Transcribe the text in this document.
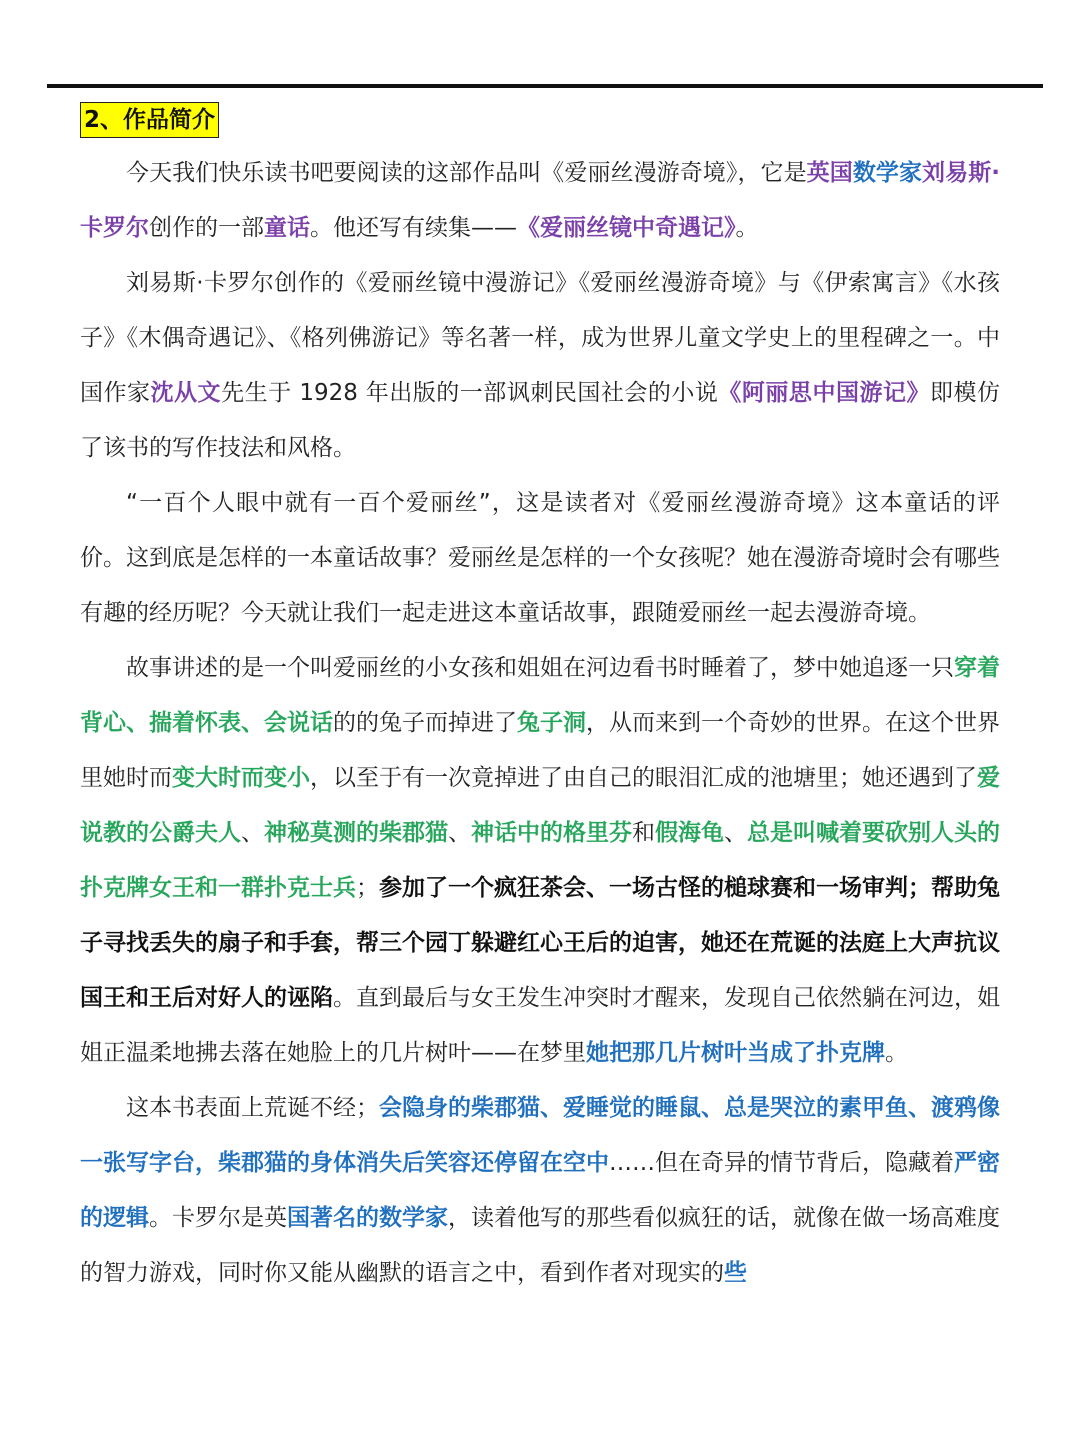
2、作品简介

今天我们快乐读书吧要阅读的这部作品叫《爱丽丝漫游奇境》，它是英国数学家刘易斯·卡罗尔创作的一部童话。他还写有续集——《爱丽丝镜中奇遇记》。

刘易斯·卡罗尔创作的《爱丽丝镜中漫游记》《爱丽丝漫游奇境》与《伊索寓言》《水孩子》《木偶奇遇记》、《格列佛游记》等名著一样，成为世界儿童文学史上的里程碑之一。中国作家沈从文先生于 1928 年出版的一部讽刺民国社会的小说《阿丽思中国游记》即模仿了该书的写作技法和风格。

“一百个人眼中就有一百个爱丽丝”，这是读者对《爱丽丝漫游奇境》这本童话的评价。这到底是怎样的一本童话故事？爱丽丝是怎样的一个女孩呢？她在漫游奇境时会有哪些有趣的经历呢？今天就让我们一起走进这本童话故事，跟随爱丽丝一起去漫游奇境。

故事讲述的是一个叫爱丽丝的小女孩和姐姐在河边看书时睡着了，梦中她追逐一只穿着背心、揣着怀表、会说话的的兔子而掉进了兔子洞，从而来到一个奇妙的世界。在这个世界里她时而变大时而变小，以至于有一次竟掉进了由自己的眼泪汇成的池塘里；她还遇到了爱说教的公爵夫人、神秘莫测的柴郡猫、神话中的格里芬和假海龟、总是叫喊着要砍别人头的扑克牌女王和一群扑克士兵；参加了一个疯狂茶会、一场古怪的槌球赛和一场审判；帮助兔子寻找丢失的扇子和手套，帮三个园丁躲避红心王后的迫害，她还在荒诞的法庭上大声抗议国王和王后对好人的诬陷。直到最后与女王发生冲突时才醒来，发现自己依然躺在河边，姐姐正温柔地拂去落在她脸上的几片树叶——在梦里她把那几片树叶当成了扑克牌。

这本书表面上荒诞不经；会隐身的柴郡猫、爱睡觉的睡鼠、总是哭泣的素甲鱼、渡鸦像一张写字台，柴郡猫的身体消失后笑容还停留在空中……但在奇异的情节背后，隐藏着严密的逻辑。卡罗尔是英国著名的数学家，读着他写的那些看似疯狂的话，就像在做一场高难度的智力游戏，同时你又能从幽默的语言之中，看到作者对现实的些
